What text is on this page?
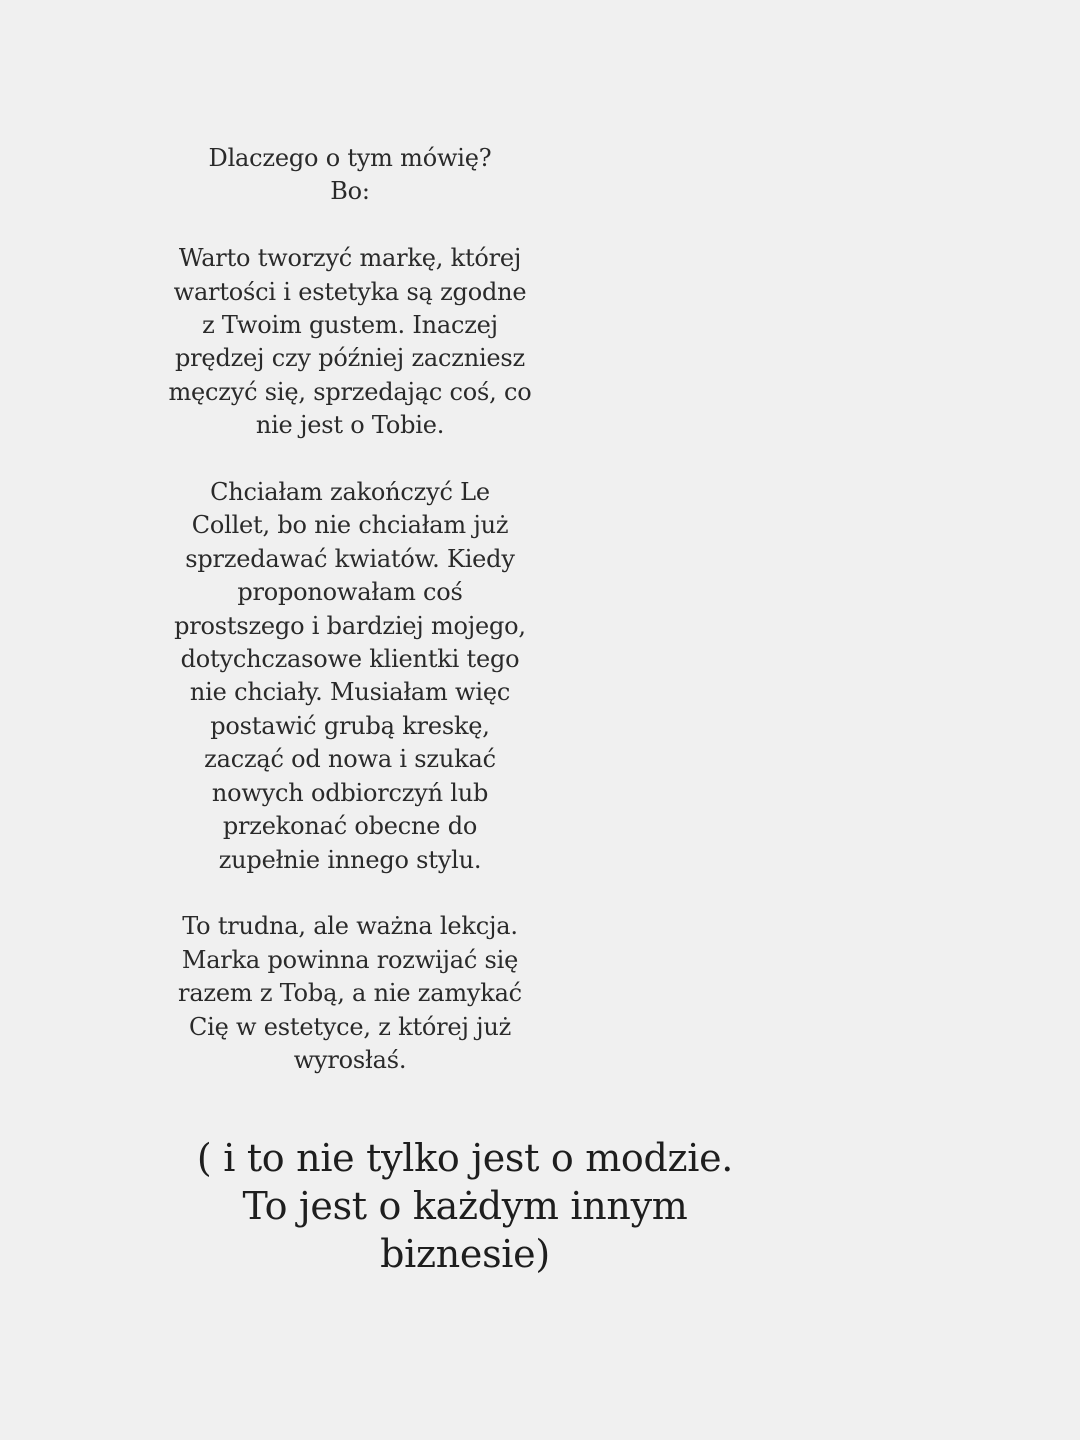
Dlaczego o tym mówię?
Bo:
Warto tworzyć markę, której
wartości i estetyka są zgodne
z Twoim gustem. Inaczej
prędzej czy później zaczniesz
męczyć się, sprzedając coś, co
nie jest o Tobie.
Chciałam zakończyć Le
Collet, bo nie chciałam już
sprzedawać kwiatów. Kiedy
proponowałam coś
prostszego i bardziej mojego,
dotychczasowe klientki tego
nie chciały. Musiałam więc
postawić grubą kreskę,
zacząć od nowa i szukać
nowych odbiorczyń lub
przekonać obecne do
zupełnie innego stylu.
To trudna, ale ważna lekcja.
Marka powinna rozwijać się
razem z Tobą, a nie zamykać
Cię w estetyce, z której już
wyrosłaś.
( i to nie tylko jest o modzie.
To jest o każdym innym
biznesie)
